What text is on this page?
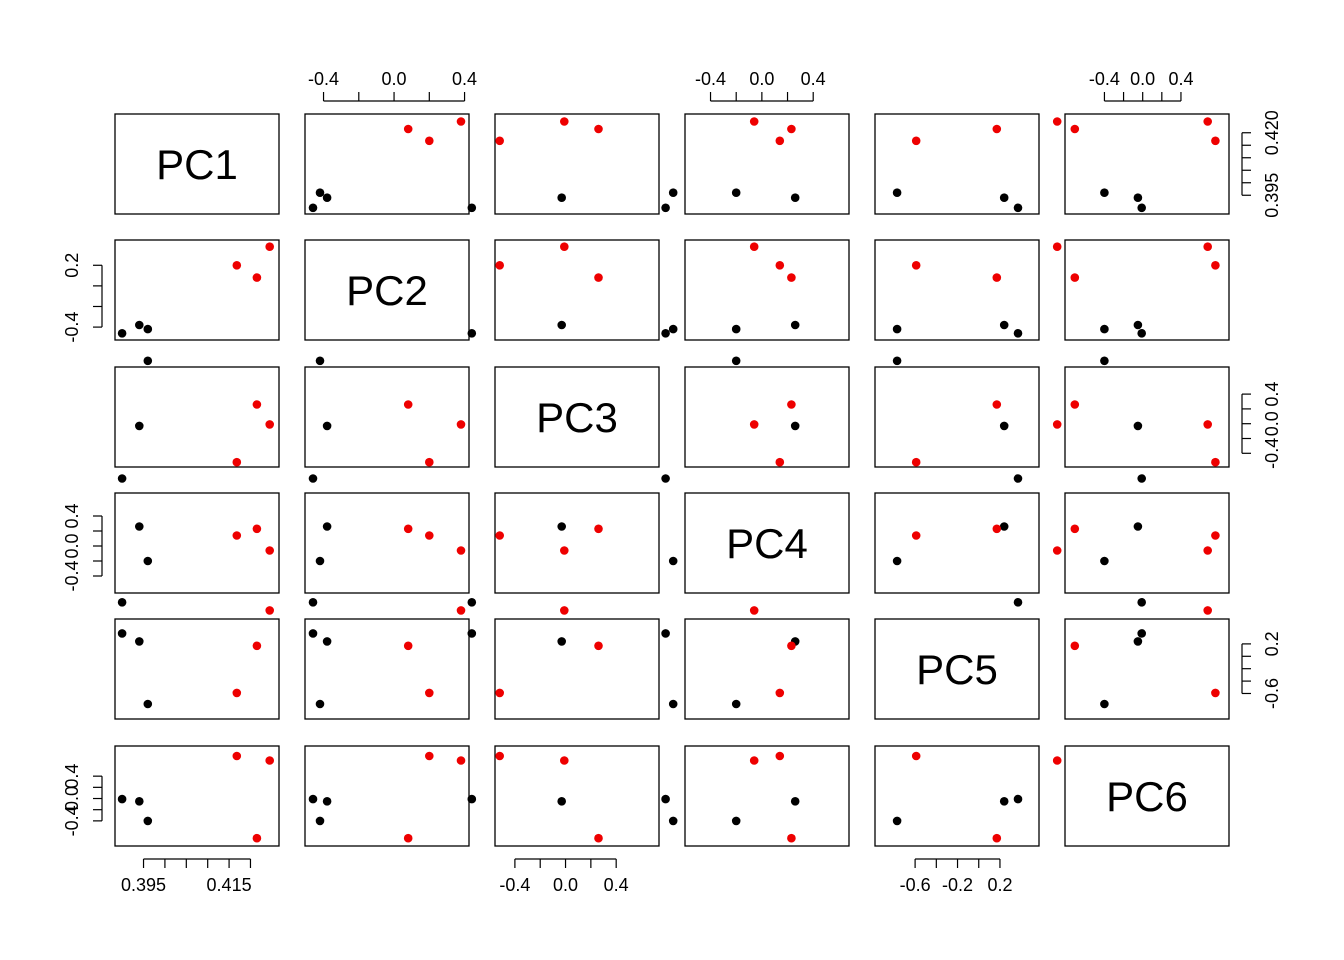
PC1
PC2
PC3
PC4
PC5
PC6
-0.4 0.0	0.4	-0.4 0.0 0.4	-0.4 0.0 0.4
0.395 0.415	-0.4 0.0 0.4	-0.6 -0.2 0.2
-0.4
0.2
-0.4
0.0
0.4
-0.4
0.0
0.4
0.395
0.420
-0.4
0.0
0.4
-0.6
0.2
